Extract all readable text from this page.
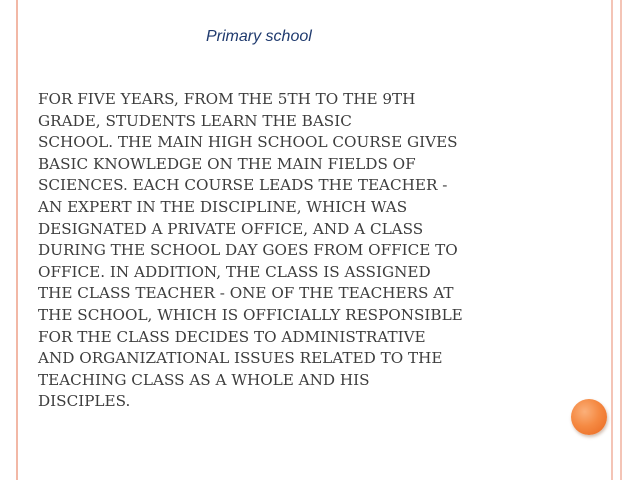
Primary school
FOR FIVE YEARS, FROM THE 5TH TO THE 9TH
GRADE, STUDENTS LEARN THE BASIC
SCHOOL. THE MAIN HIGH SCHOOL COURSE GIVES
BASIC KNOWLEDGE ON THE MAIN FIELDS OF
SCIENCES. EACH COURSE LEADS THE TEACHER -
AN EXPERT IN THE DISCIPLINE, WHICH WAS
DESIGNATED A PRIVATE OFFICE, AND A CLASS
DURING THE SCHOOL DAY GOES FROM OFFICE TO
OFFICE. IN ADDITION, THE CLASS IS ASSIGNED
THE CLASS TEACHER - ONE OF THE TEACHERS AT
THE SCHOOL, WHICH IS OFFICIALLY RESPONSIBLE
FOR THE CLASS DECIDES TO ADMINISTRATIVE
AND ORGANIZATIONAL ISSUES RELATED TO THE
TEACHING CLASS AS A WHOLE AND HIS
DISCIPLES.
